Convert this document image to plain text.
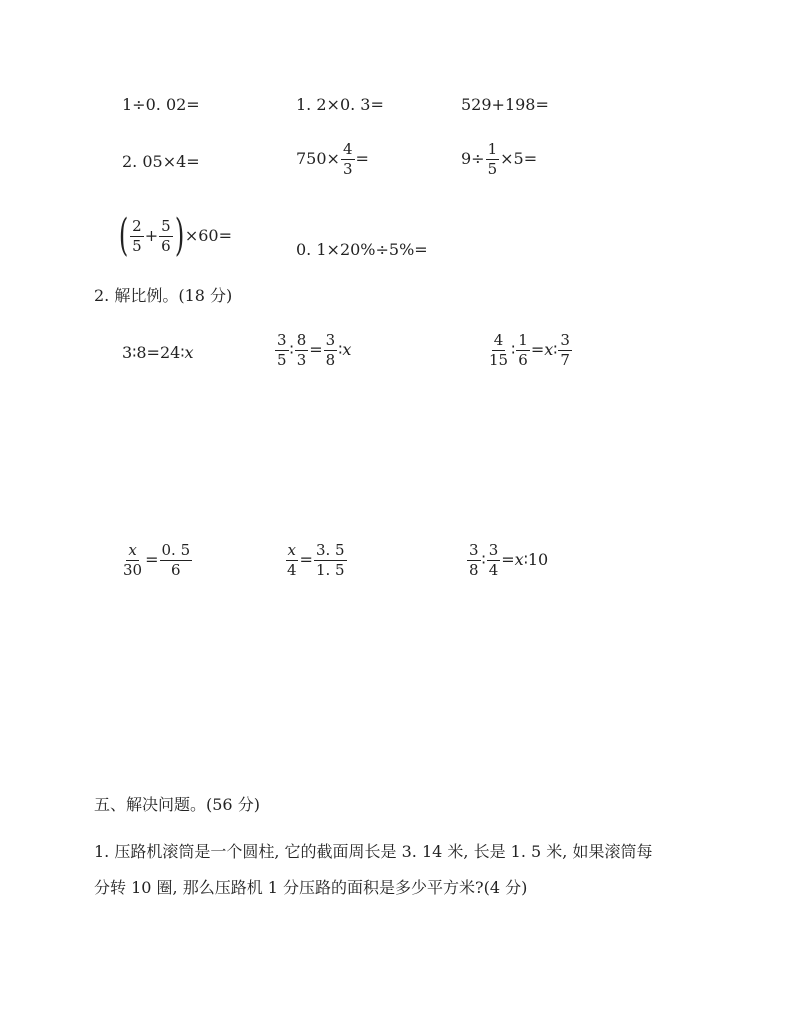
1÷0. 02=	1. 2×0. 3=	529+198=
2. 05×4=	$750\times \frac{4}{3}$ =	$9\div \frac{1}{5} \times 5=$
( $\frac{2}{5} + \frac{5}{6} )\times 60=$
0. 1×20%÷5%=
2. 解比例。(18 分)
3∶8=24∶x	$\frac{3}{5}$ ∶ $\frac{8}{3} = \frac{3}{8}$ ∶x	$\frac{4}{15}$ ∶ $\frac{1}{6}$ =x∶ $\frac{3}{7}$
$\frac{x}{30} = \frac{0. 5}{6}$	$\frac{x}{4} = \frac{3. 5}{1. 5}$	$\frac{3}{8}$ ∶ $\frac{3}{4}$ =x∶10
五、解决问题。(56 分)
1. 压路机滚筒是一个圆柱, 它的截面周长是 3. 14 米, 长是 1. 5 米, 如果滚筒每
分转 10 圈, 那么压路机 1 分压路的面积是多少平方米?(4 分)
